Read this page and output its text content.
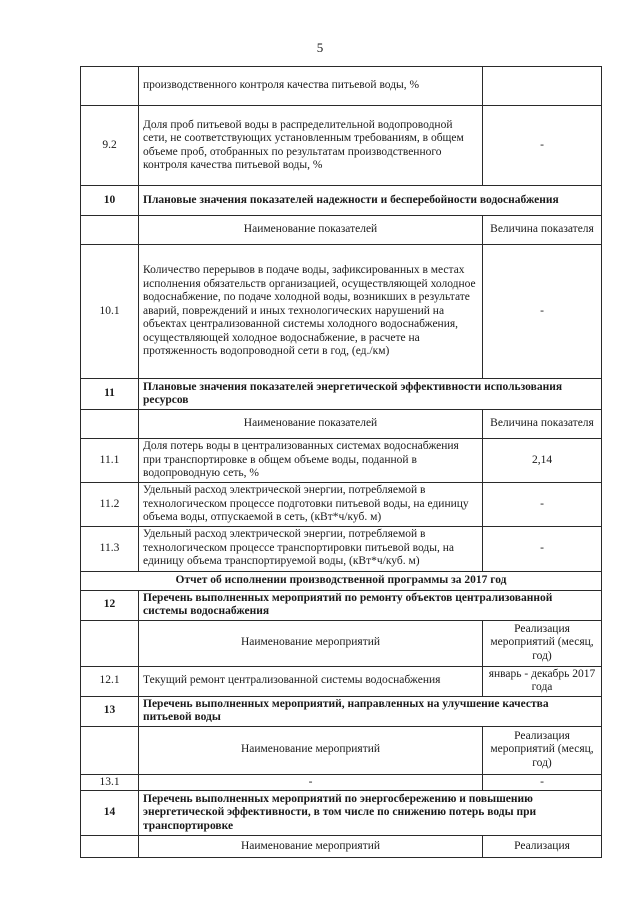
5
	производственного контроля качества питьевой воды, %	
9.2	Доля проб питьевой воды в распределительной водопроводной сети, не соответствующих установленным требованиям, в общем объеме проб, отобранных по результатам производственного контроля качества питьевой воды, %	-
10	Плановые значения показателей надежности и бесперебойности водоснабжения	
	Наименование показателей	Величина показателя
10.1	Количество перерывов в подаче воды, зафиксированных в местах исполнения обязательств организацией, осуществляющей холодное водоснабжение, по подаче холодной воды, возникших в результате аварий, повреждений и иных технологических нарушений на объектах централизованной системы холодного водоснабжения, осуществляющей холодное водоснабжение, в расчете на протяженность водопроводной сети в год, (ед./км)	-
11	Плановые значения показателей энергетической эффективности использования ресурсов	
	Наименование показателей	Величина показателя
11.1	Доля потерь воды в централизованных системах водоснабжения при транспортировке в общем объеме воды, поданной в водопроводную сеть, %	2,14
11.2	Удельный расход электрической энергии, потребляемой в технологическом процессе подготовки питьевой воды, на единицу объема воды, отпускаемой в сеть, (кВт*ч/куб. м)	-
11.3	Удельный расход электрической энергии, потребляемой в технологическом процессе транспортировки питьевой воды, на единицу объема транспортируемой воды, (кВт*ч/куб. м)	-
Отчет об исполнении производственной программы за 2017 год		
12	Перечень выполненных мероприятий по ремонту объектов централизованной системы водоснабжения	
	Наименование мероприятий	Реализация мероприятий (месяц, год)
12.1	Текущий ремонт централизованной системы водоснабжения	январь - декабрь 2017 года
13	Перечень выполненных мероприятий, направленных на улучшение качества питьевой воды	
	Наименование мероприятий	Реализация мероприятий (месяц, год)
13.1	-	-
14	Перечень выполненных мероприятий по энергосбережению и повышению энергетической эффективности, в том числе по снижению потерь воды при транспортировке	
	Наименование мероприятий	Реализация
